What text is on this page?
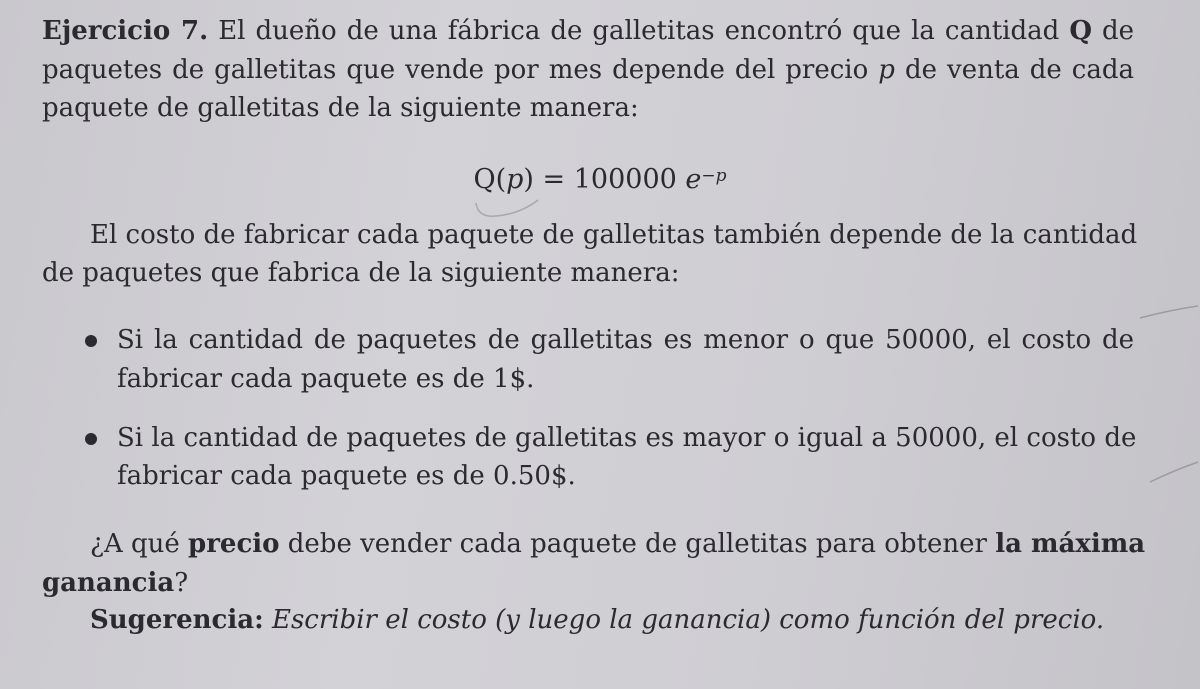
Ejercicio 7. El dueño de una fábrica de galletitas encontró que la cantidad Q de
paquetes de galletitas que vende por mes depende del precio p de venta de cada
paquete de galletitas de la siguiente manera:
Q(p) = 100000 $e^{-p}$
El costo de fabricar cada paquete de galletitas también depende de la cantidad
de paquetes que fabrica de la siguiente manera:
Si la cantidad de paquetes de galletitas es menor o que 50000, el costo de
fabricar cada paquete es de 1$.
Si la cantidad de paquetes de galletitas es mayor o igual a 50000, el costo de
fabricar cada paquete es de 0.50$.
¿A qué precio debe vender cada paquete de galletitas para obtener la máxima
ganancia?
Sugerencia: Escribir el costo (y luego la ganancia) como función del precio.
